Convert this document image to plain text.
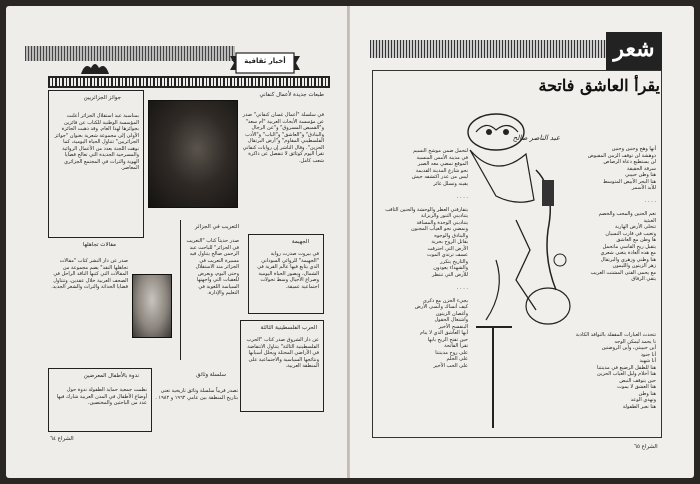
أخبار ثقافية
طبعات جديدة لأعمال كنفاني
في سلسلة "أعمال غسان كنفاني" صدر عن مؤسسة الأبحاث العربية "أم سعد" و"القميص المسروق" و"عن الرجال والبنادق" و"العاشق" و"الباب" و"الأدب الفلسطيني المقاوم" و"أرض البرتقال الحزين". وقال الناشر إن روايات كنفاني تقرأ اليوم كوثائق لا تنفصل عن ذاكرة شعب كامل.
جوائز الجزائريين
بمناسبة عيد استقلال الجزائر أعلنت المؤسسة الوطنية للكتاب عن فائزين بجوائزها لهذا العام. وقد ذهبت الجائزة الأولى إلى مجموعة شعرية بعنوان "جوائز الجزائريين" تتناول الحياة اليومية، كما نوهت اللجنة بعدد من الأعمال الروائية والمسرحية الجديدة التي تعالج قضايا الهوية والتراث في المجتمع الجزائري المعاصر.
التعريب في الجزائر
صدر حديثاً كتاب "التعريب في الجزائر" للباحث عبد الرحمن صالح يتناول فيه مسيرة التعريب في الجزائر منذ الاستقلال وحتى اليوم، ويعرض للعقبات التي واجهتها السياسة اللغوية في التعليم والإدارة.
الجهيمة
في بيروت صدرت رواية "الجهيمة" للروائي السوداني الذي يتابع فيها عالم القرية في الشمال، ويصور الحياة اليومية وصراع الأجيال وسط تحولات اجتماعية عميقة.
مقالات تجاهلها
صدر عن دار النشر كتاب "مقالات تجاهلها النقد" يضم مجموعة من المقالات التي كتبها الناقد الراحل في الصحف العربية خلال عقدين، وتتناول قضايا الحداثة والتراث والشعر الجديد.
الحرب الفلسطينية الثالثة
عن دار الشروق صدر كتاب "الحرب الفلسطينية الثالثة" يتناول الانتفاضة في الأراضي المحتلة ويحلل أسبابها ونتائجها السياسية والاجتماعية على المنطقة العربية.
ندوة بالأطفال المعرضين
نظمت جمعية حماية الطفولة ندوة حول أوضاع الأطفال في المدن العربية شارك فيها عدد من الباحثين والمختصين.
سلسلة وثائق
تصدر قريباً سلسلة وثائق تاريخية تعنى بتاريخ المنطقة بين عامي ١٩٦٢ و ١٩٨٢ .
الشراع ٦٤
شعر
يقرأ العاشق فاتحة
عبد الناصر صالح
أنها وهج وحنين وحنين
دوهشة لن توقف الزمن المقبوض
لن يستطيع دعاة الرصاص
سرقة الحقيقة
هنا وطن حبيبي
هنا البحر الأبيض المتوسط
للأبد الأسمر

. . . .

تعم الحنين والمحب والخصم العبثية
تتخلى الأرض الهاربة
وتغيب في قارب النسيان
ها وطن مع العاشق
يتقبل ريح القاسي ماتحمل
مع هذه العادة يتغنى شعري
هنا وطني وزهري والبرتقال
زهر الزيتون والليمون
مع يحمى الفتى المشتت الغريب
يتقي الرفاق
لتحمل ضمن موشح النسيم
في مدينة الأمس المنسية
الموقع نمضي معه الصبر
نحو شارع المدينة القديمة
ليس من عذر اكتشفه جيش
يقينه وتسلل غائر

. . . .

يتفارقني العطر والوحشة والحنين الثاقب
يتناديني التنور والزنزانة
يتناديني الوحدة والمسافة
ونمضي نحو الغياب المجنون
والبنادق والوجوه
يقاتل الروح بحرية
الأرض التي احترقت
عسف ترتدي الموت
والتاريخ يتكرر
والشهداء يعودون
للأرض التي تنتظر

. . . .

يجيء الحزن مع ذكرى
كيف أنساك وأنسى الأرض
وأغصان الزيتون
واشتعال الحقول
البنفسج الأخير
أيها العاشق الذي لا ينام
حين تفتح الريح بابها
تقرأ الفاتحة
على روح مدينتنا
على الحلم
على الحب الأخير
تتحدث العبارات المقفلة بالنوافذ الكاذبة
نا يحمد ليمكن الوجه
أين حبيبتي، وأين الروضتين
أنا جنود
أنا شهيد
هنا للطفل الرضيع في مدينتنا
هنا أحلام وليل الغياب الحزين
حين يتوقف النبض
هنا العشق لا يموت
هنا وطن
وتهدي الوعد
هنا نعبر الطفولة
الشراع ٦٥
